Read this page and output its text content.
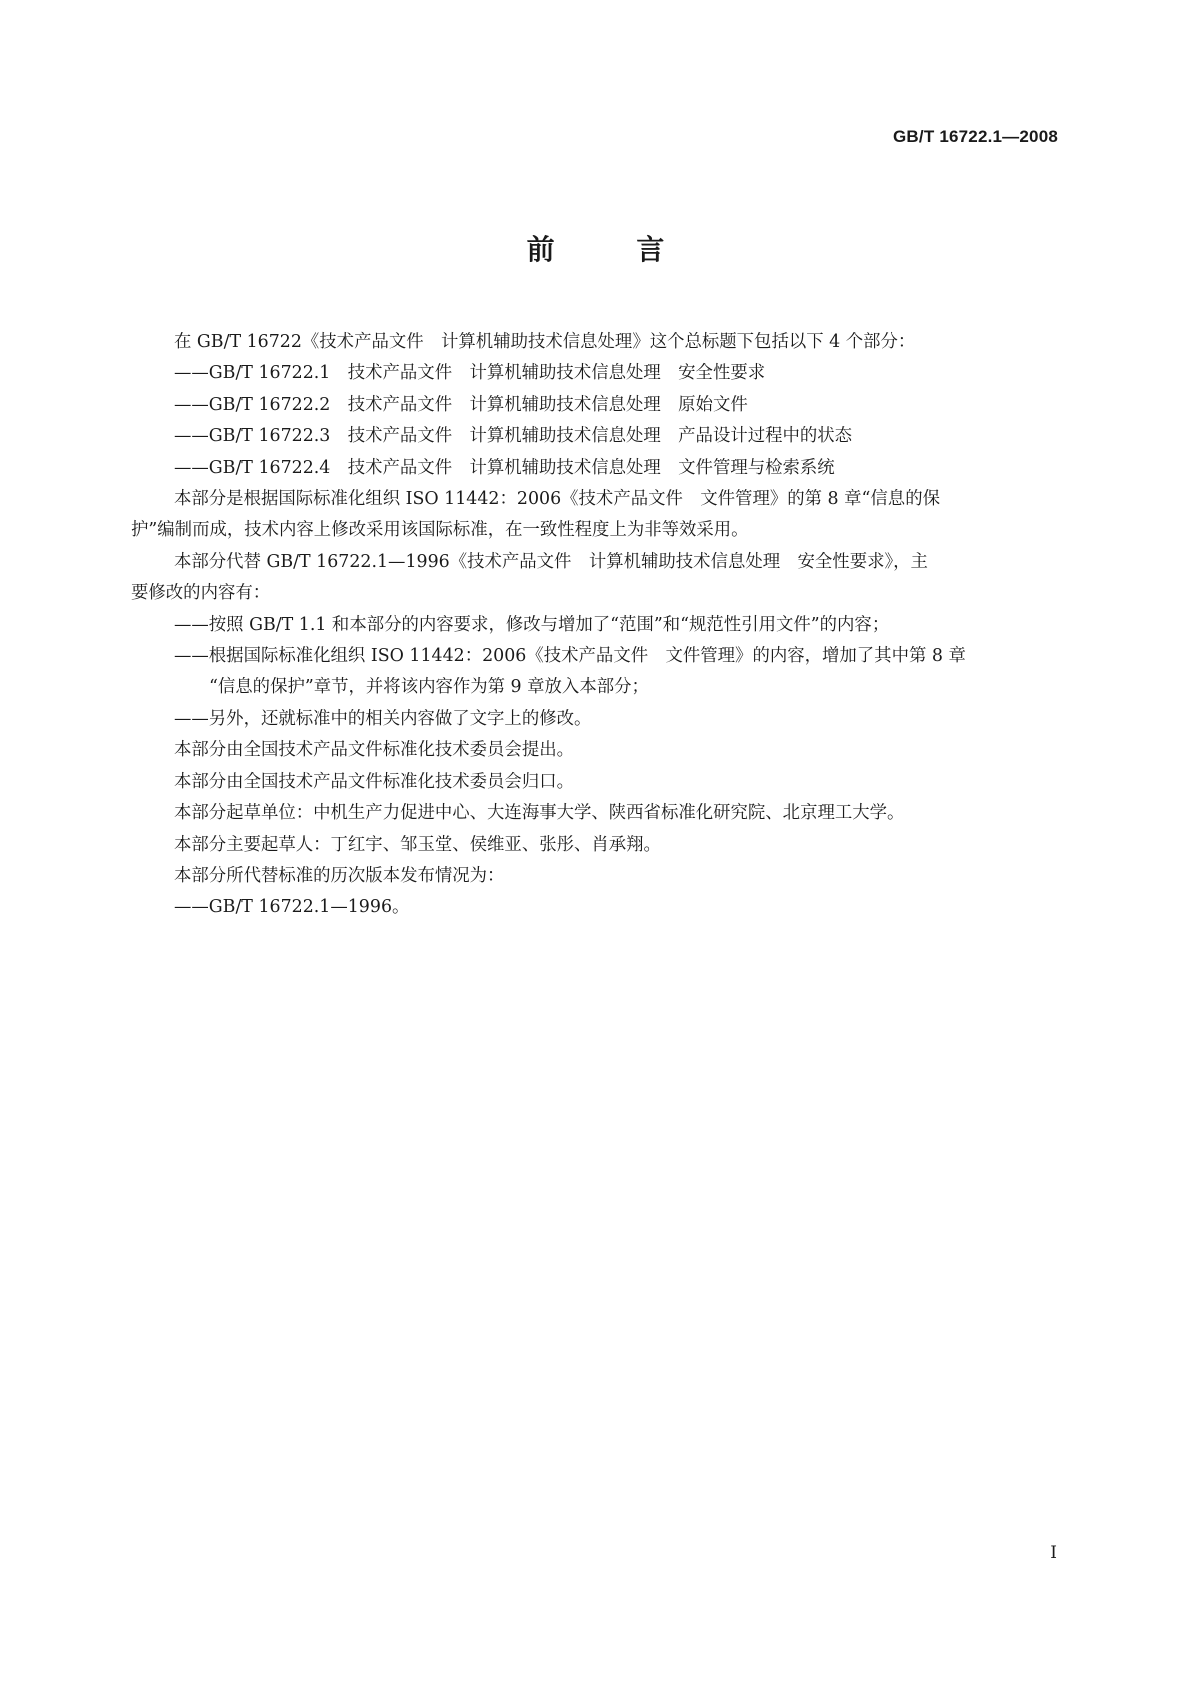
GB/T 16722.1—2008
前 言

在 GB/T 16722《技术产品文件　计算机辅助技术信息处理》这个总标题下包括以下 4 个部分：

——GB/T 16722.1　技术产品文件　计算机辅助技术信息处理　安全性要求

——GB/T 16722.2　技术产品文件　计算机辅助技术信息处理　原始文件

——GB/T 16722.3　技术产品文件　计算机辅助技术信息处理　产品设计过程中的状态

——GB/T 16722.4　技术产品文件　计算机辅助技术信息处理　文件管理与检索系统

本部分是根据国际标准化组织 ISO 11442：2006《技术产品文件　文件管理》的第 8 章“信息的保

护”编制而成，技术内容上修改采用该国际标准，在一致性程度上为非等效采用。

本部分代替 GB/T 16722.1—1996《技术产品文件　计算机辅助技术信息处理　安全性要求》，主

要修改的内容有：

——按照 GB/T 1.1 和本部分的内容要求，修改与增加了“范围”和“规范性引用文件”的内容；

——根据国际标准化组织 ISO 11442：2006《技术产品文件　文件管理》的内容，增加了其中第 8 章

“信息的保护”章节，并将该内容作为第 9 章放入本部分；

——另外，还就标准中的相关内容做了文字上的修改。

本部分由全国技术产品文件标准化技术委员会提出。

本部分由全国技术产品文件标准化技术委员会归口。

本部分起草单位：中机生产力促进中心、大连海事大学、陕西省标准化研究院、北京理工大学。

本部分主要起草人：丁红宇、邹玉堂、侯维亚、张彤、肖承翔。

本部分所代替标准的历次版本发布情况为：

——GB/T 16722.1—1996。

I
